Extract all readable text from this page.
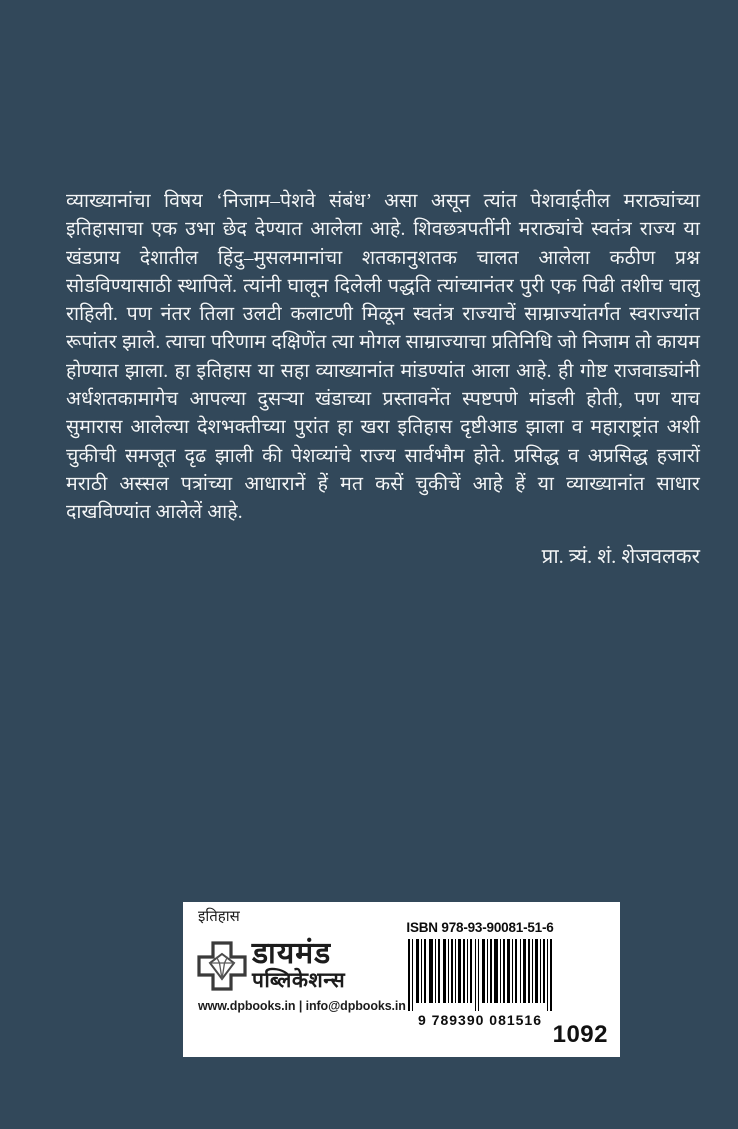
व्याख्यानांचा विषय ‘निजाम–पेशवे संबंध’ असा असून त्यांत पेशवाईतील मराठ्यांच्या इतिहासाचा एक उभा छेद देण्यात आलेला आहे. शिवछत्रपतींनी मराठ्यांचे स्वतंत्र राज्य या खंडप्राय देशातील हिंदु–मुसलमानांचा शतकानुशतक चालत आलेला कठीण प्रश्न सोडविण्यासाठी स्थापिलें. त्यांनी घालून दिलेली पद्धति त्यांच्यानंतर पुरी एक पिढी तशीच चालु राहिली. पण नंतर तिला उलटी कलाटणी मिळून स्वतंत्र राज्याचें साम्राज्यांतर्गत स्वराज्यांत रूपांतर झाले. त्याचा परिणाम दक्षिणेंत त्या मोगल साम्राज्याचा प्रतिनिधि जो निजाम तो कायम होण्यात झाला. हा इतिहास या सहा व्याख्यानांत मांडण्यांत आला आहे. ही गोष्ट राजवाड्यांनी अर्धशतकामागेच आपल्या दुसऱ्या खंडाच्या प्रस्तावनेंत स्पष्टपणे मांडली होती, पण याच सुमारास आलेल्या देशभक्तीच्या पुरांत हा खरा इतिहास दृष्टीआड झाला व महाराष्ट्रांत अशी चुकीची समजूत दृढ झाली की पेशव्यांचे राज्य सार्वभौम होते. प्रसिद्ध व अप्रसिद्ध हजारों मराठी अस्सल पत्रांच्या आधारानें हें मत कसें चुकीचें आहे हें या व्याख्यानांत साधार दाखविण्यांत आलेलें आहे.

प्रा. त्र्यं. शं. शेजवलकर
इतिहास
डायमंड
पब्लिकेशन्स
www.dpbooks.in | info@dpbooks.in
ISBN 978-93-90081-51-6
9 789390 081516
1092
